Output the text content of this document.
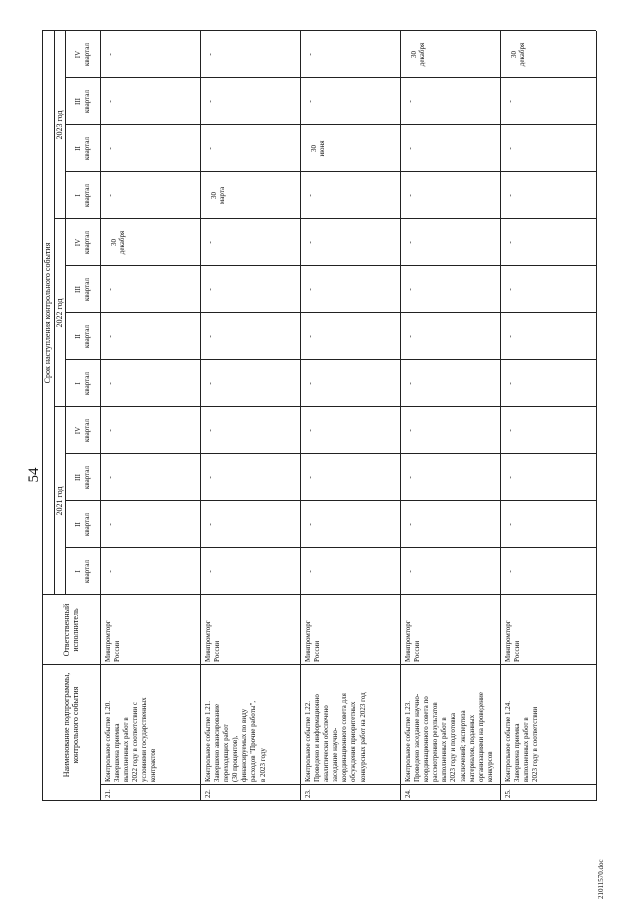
54
21011570.doc
Наименование подпрограммы, контрольного события
Ответственный исполнитель
Срок наступления контрольного события
2021 год
2022 год
2023 год
I квартал
II квартал
III квартал
IV квартал
I квартал
II квартал
III квартал
IV квартал
I квартал
II квартал
III квартал
IV квартал
21.
Контрольное событие 1.20. Завершена приемка выполненных работ в 2022 году в соответствии с условиями государственных контрактов
Минпромторг России
-
-
-
-
-
-
-
30 декабря
-
-
-
-
22.
Контрольное событие 1.21. Завершено авансирование переходящих работ (30 процентов), финансируемых по виду расходов "Прочие работы", в 2023 году
Минпромторг России
-
-
-
-
-
-
-
-
30 марта
-
-
-
23.
Контрольное событие 1.22. Проведено и информационно аналитически обеспечено заседание научно- координационного совета для обсуждения приоритетных конкурсных работ на 2023 год
Минпромторг России
-
-
-
-
-
-
-
-
-
30 июня
-
-
24.
Контрольное событие 1.23. Проведено заседание научно- координационного совета по рассмотрению результатов выполненных работ в 2023 году и подготовка заключений; экспертиза материалов, поданных организациями на проведение конкурсов
Минпромторг России
-
-
-
-
-
-
-
-
-
-
-
30 декабря
25.
Контрольное событие 1.24. Завершена приемка выполненных работ в 2023 году в соответствии
Минпромторг России
-
-
-
-
-
-
-
-
-
-
-
30 декабря
